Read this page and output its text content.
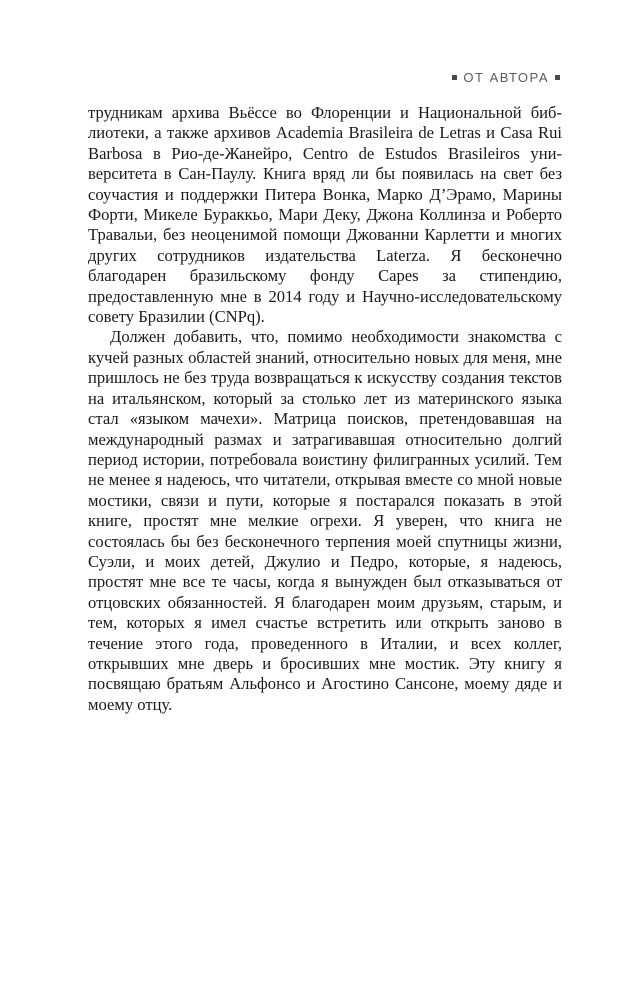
ОТ АВТОРА

трудникам архива Вьёссе во Флоренции и Национальной библиотеки, а также архивов Academia Brasileira de Letras и Casa Rui Barbosa в Рио-де-Жанейро, Centro de Estudos Brasileiros университета в Сан-Паулу. Книга вряд ли бы появилась на свет без соучастия и поддержки Питера Вонка, Марко Д’Эрамо, Марины Форти, Микеле Бураккьо, Мари Деку, Джона Коллинза и Роберто Травальи, без неоценимой помощи Джованни Карлетти и многих других сотрудников издательства Laterza. Я бесконечно благодарен бразильскому фонду Capes за стипендию, предоставленную мне в 2014 году и Научно-исследовательскому совету Бразилии (CNPq).

Должен добавить, что, помимо необходимости знакомства с кучей разных областей знаний, относительно новых для меня, мне пришлось не без труда возвращаться к искусству создания текстов на итальянском, который за столько лет из материнского языка стал «языком мачехи». Матрица поисков, претендовавшая на международный размах и затрагивавшая относительно долгий период истории, потребовала воистину филигранных усилий. Тем не менее я надеюсь, что читатели, открывая вместе со мной новые мостики, связи и пути, которые я постарался показать в этой книге, простят мне мелкие огрехи. Я уверен, что книга не состоялась бы без бесконечного терпения моей спутницы жизни, Суэли, и моих детей, Джулио и Педро, которые, я надеюсь, простят мне все те часы, когда я вынужден был отказываться от отцовских обязанностей. Я благодарен моим друзьям, старым, и тем, которых я имел счастье встретить или открыть заново в течение этого года, проведенного в Италии, и всех коллег, открывших мне дверь и бросивших мне мостик. Эту книгу я посвящаю братьям Альфонсо и Агостино Сансоне, моему дяде и моему отцу.
